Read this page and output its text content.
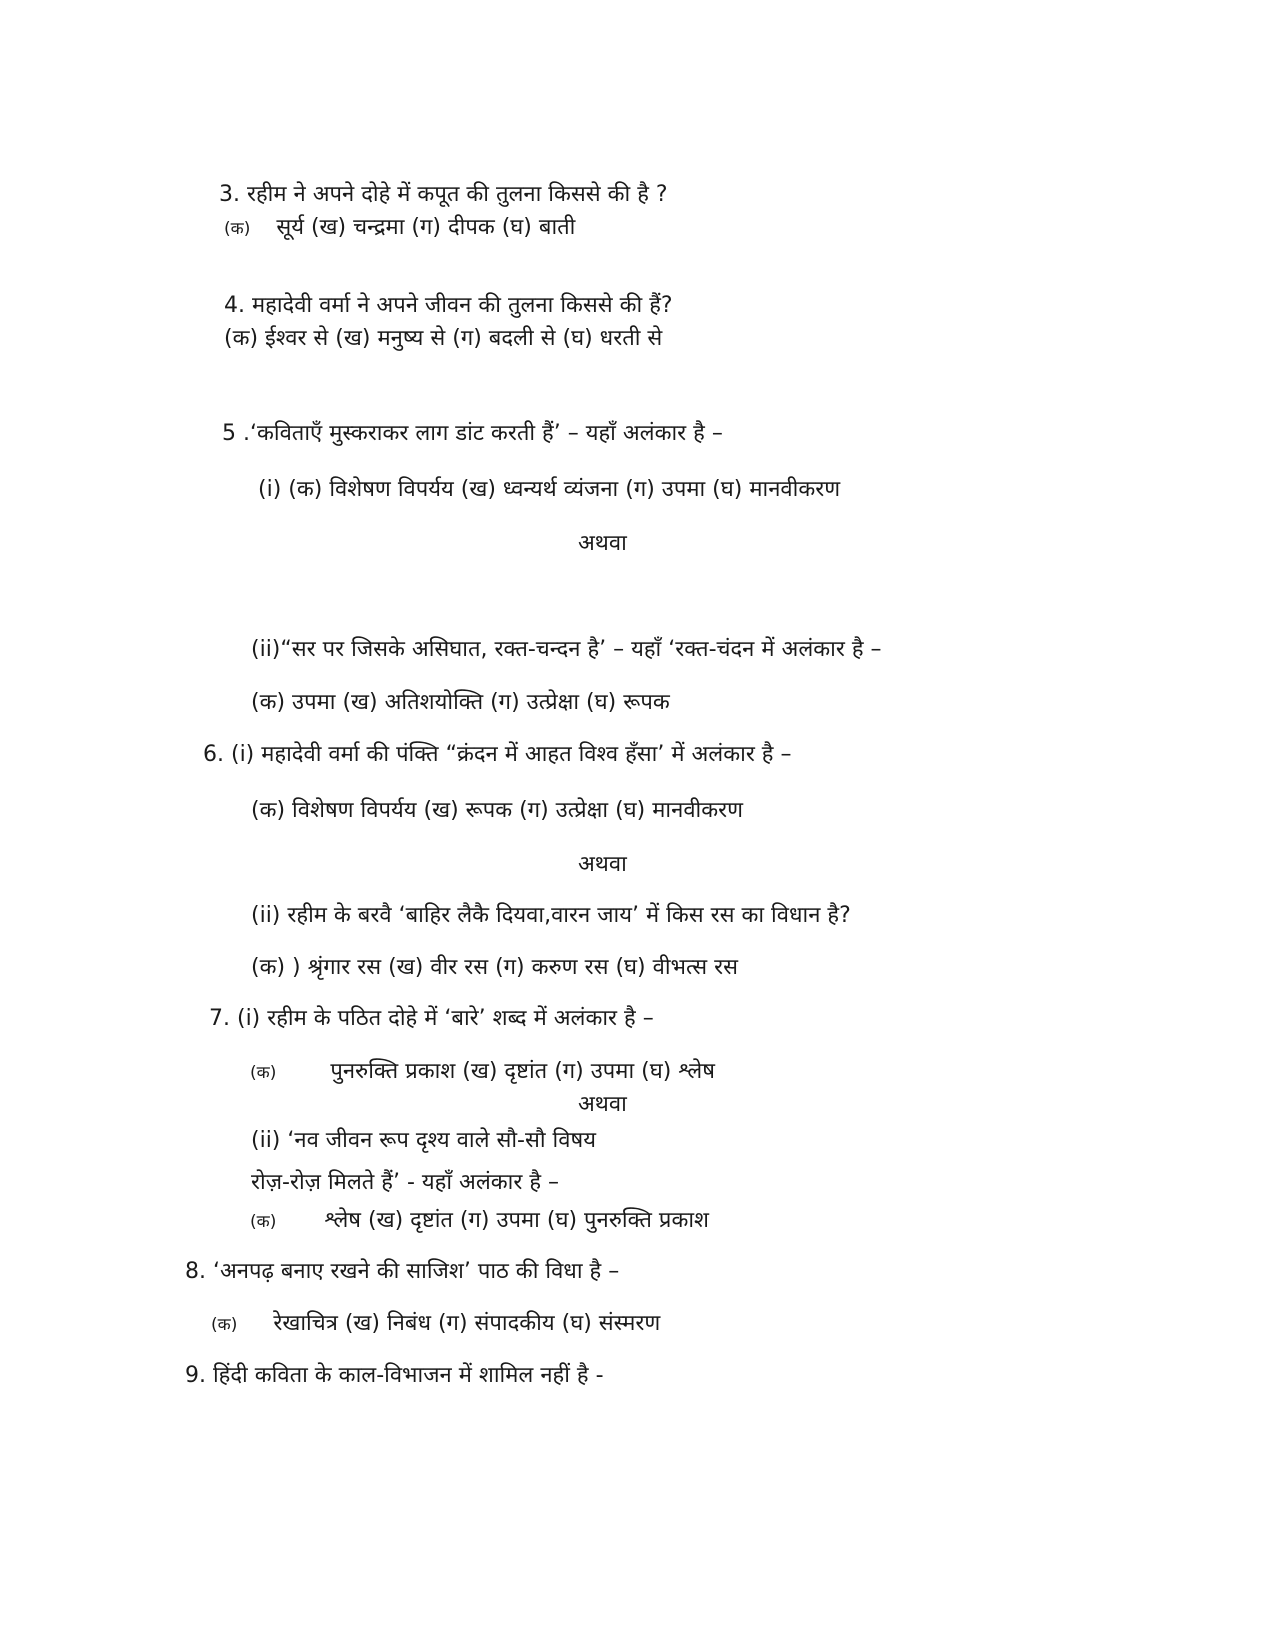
3. रहीम ने अपने दोहे में कपूत की तुलना किससे की है ?
(क) सूर्य (ख) चन्द्रमा (ग) दीपक (घ) बाती
4. महादेवी वर्मा ने अपने जीवन की तुलना किससे की हैं?
(क) ईश्वर से (ख) मनुष्य से (ग) बदली से (घ) धरती से
5 .‘कविताएँ मुस्कराकर लाग डांट करती हैं’ – यहाँ अलंकार है –
(i) (क) विशेषण विपर्यय (ख) ध्वन्यर्थ व्यंजना (ग) उपमा (घ) मानवीकरण
अथवा
(ii)“सर पर जिसके असिघात, रक्त-चन्दन है’ – यहाँ ‘रक्त-चंदन में अलंकार है –
(क) उपमा (ख) अतिशयोक्ति (ग) उत्प्रेक्षा (घ) रूपक
6. (i) महादेवी वर्मा की पंक्ति “क्रंदन में आहत विश्व हँसा’ में अलंकार है –
(क) विशेषण विपर्यय (ख) रूपक (ग) उत्प्रेक्षा (घ) मानवीकरण
अथवा
(ii) रहीम के बरवै ‘बाहिर लैकै दियवा,वारन जाय’ में किस रस का विधान है?
(क) ) श्रृंगार रस (ख) वीर रस (ग) करुण रस (घ) वीभत्स रस
7. (i) रहीम के पठित दोहे में ‘बारे’ शब्द में अलंकार है –
(क) पुनरुक्ति प्रकाश (ख) दृष्टांत (ग) उपमा (घ) श्लेष
अथवा
(ii) ‘नव जीवन रूप दृश्य वाले सौ-सौ विषय
रोज़-रोज़ मिलते हैं’ - यहाँ अलंकार है –
(क) श्लेष (ख) दृष्टांत (ग) उपमा (घ) पुनरुक्ति प्रकाश
8. ‘अनपढ़ बनाए रखने की साजिश’ पाठ की विधा है –
(क) रेखाचित्र (ख) निबंध (ग) संपादकीय (घ) संस्मरण
9. हिंदी कविता के काल-विभाजन में शामिल नहीं है -
